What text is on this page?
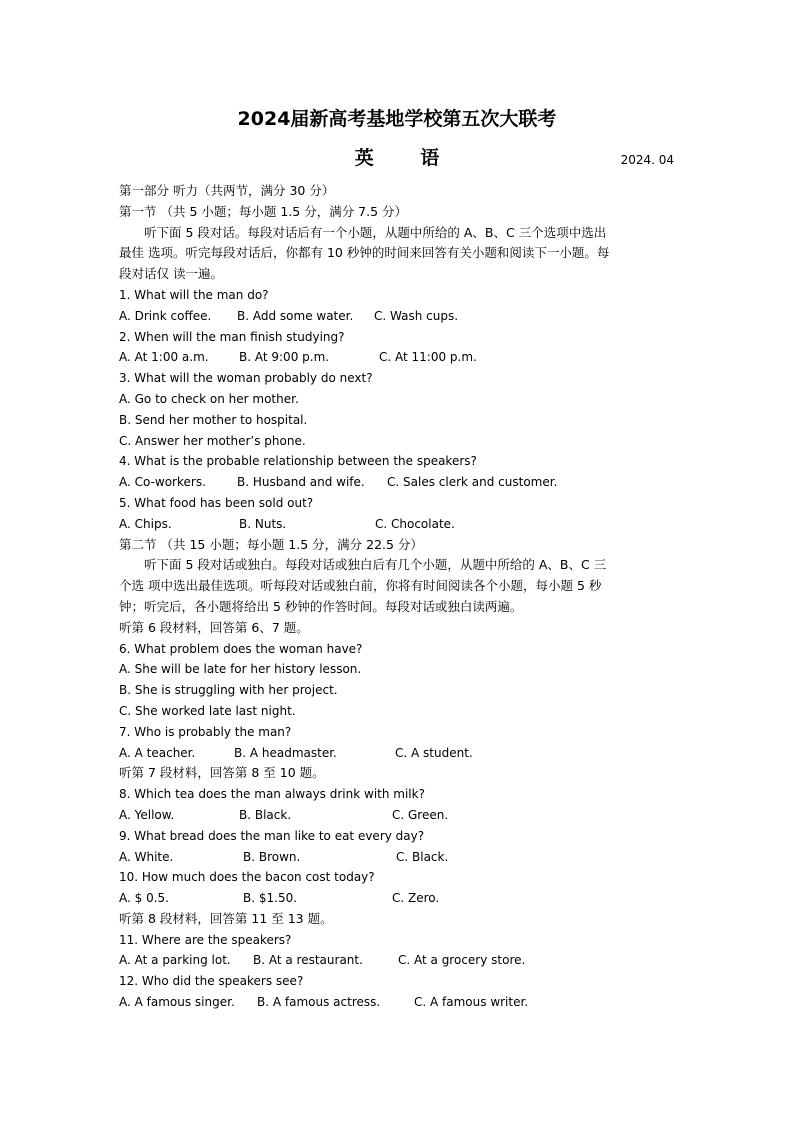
2024届新高考基地学校第五次大联考
英 语	2024. 04
第一部分 听力（共两节，满分 30 分）
第一节 （共 5 小题；每小题 1.5 分，满分 7.5 分）
听下面 5 段对话。每段对话后有一个小题，从题中所给的 A、B、C 三个选项中选出
最佳 选项。听完每段对话后，你都有 10 秒钟的时间来回答有关小题和阅读下一小题。每
段对话仅 读一遍。
1. What will the man do?
A. Drink coffee.	B. Add some water.	C. Wash cups.
2. When will the man finish studying?
A. At 1:00 a.m.	B. At 9:00 p.m.	C. At 11:00 p.m.
3. What will the woman probably do next?
A. Go to check on her mother.
B. Send her mother to hospital.
C. Answer her mother’s phone.
4. What is the probable relationship between the speakers?
A. Co-workers.	B. Husband and wife.	C. Sales clerk and customer.
5. What food has been sold out?
A. Chips.	B. Nuts.	C. Chocolate.
第二节 （共 15 小题；每小题 1.5 分，满分 22.5 分）
听下面 5 段对话或独白。每段对话或独白后有几个小题，从题中所给的 A、B、C 三
个选 项中选出最佳选项。听每段对话或独白前，你将有时间阅读各个小题，每小题 5 秒
钟；听完后，各小题将给出 5 秒钟的作答时间。每段对话或独白读两遍。
听第 6 段材料，回答第 6、7 题。
6. What problem does the woman have?
A. She will be late for her history lesson.
B. She is struggling with her project.
C. She worked late last night.
7. Who is probably the man?
A. A teacher.	B. A headmaster.	C. A student.
听第 7 段材料，回答第 8 至 10 题。
8. Which tea does the man always drink with milk?
A. Yellow.	B. Black.	C. Green.
9. What bread does the man like to eat every day?
A. White.	B. Brown.	C. Black.
10. How much does the bacon cost today?
A. $ 0.5.	B. $1.50.	C. Zero.
听第 8 段材料，回答第 11 至 13 题。
11. Where are the speakers?
A. At a parking lot.	B. At a restaurant.	C. At a grocery store.
12. Who did the speakers see?
A. A famous singer.	B. A famous actress.	C. A famous writer.
